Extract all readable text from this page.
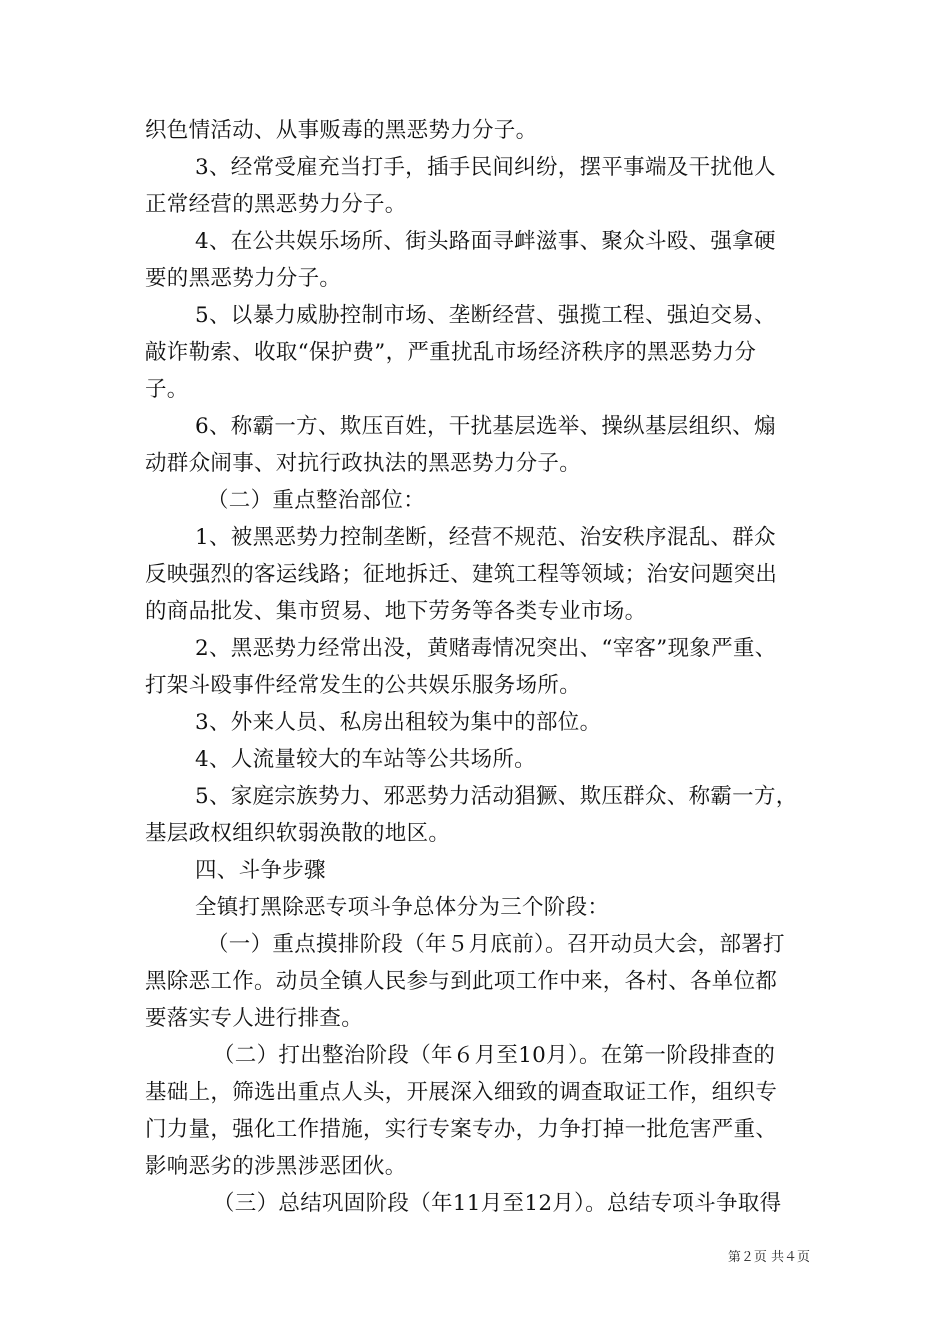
织色情活动、从事贩毒的黑恶势力分子。
3、经常受雇充当打手，插手民间纠纷，摆平事端及干扰他人
正常经营的黑恶势力分子。
4、在公共娱乐场所、街头路面寻衅滋事、聚众斗殴、强拿硬
要的黑恶势力分子。
5、以暴力威胁控制市场、垄断经营、强揽工程、强迫交易、
敲诈勒索、收取“保护费”，严重扰乱市场经济秩序的黑恶势力分
子。
6、称霸一方、欺压百姓，干扰基层选举、操纵基层组织、煽
动群众闹事、对抗行政执法的黑恶势力分子。
（二）重点整治部位：
1、被黑恶势力控制垄断，经营不规范、治安秩序混乱、群众
反映强烈的客运线路；征地拆迁、建筑工程等领域；治安问题突出
的商品批发、集市贸易、地下劳务等各类专业市场。
2、黑恶势力经常出没，黄赌毒情况突出、“宰客”现象严重、
打架斗殴事件经常发生的公共娱乐服务场所。
3、外来人员、私房出租较为集中的部位。
4、人流量较大的车站等公共场所。
5、家庭宗族势力、邪恶势力活动猖獗、欺压群众、称霸一方，
基层政权组织软弱涣散的地区。
四、斗争步骤
全镇打黑除恶专项斗争总体分为三个阶段：
（一）重点摸排阶段（年５月底前）。召开动员大会，部署打
黑除恶工作。动员全镇人民参与到此项工作中来，各村、各单位都
要落实专人进行排查。
（二）打出整治阶段（年６月至10月）。在第一阶段排查的
基础上，筛选出重点人头，开展深入细致的调查取证工作，组织专
门力量，强化工作措施，实行专案专办，力争打掉一批危害严重、
影响恶劣的涉黑涉恶团伙。
（三）总结巩固阶段（年11月至12月）。总结专项斗争取得
第２页 共４页
